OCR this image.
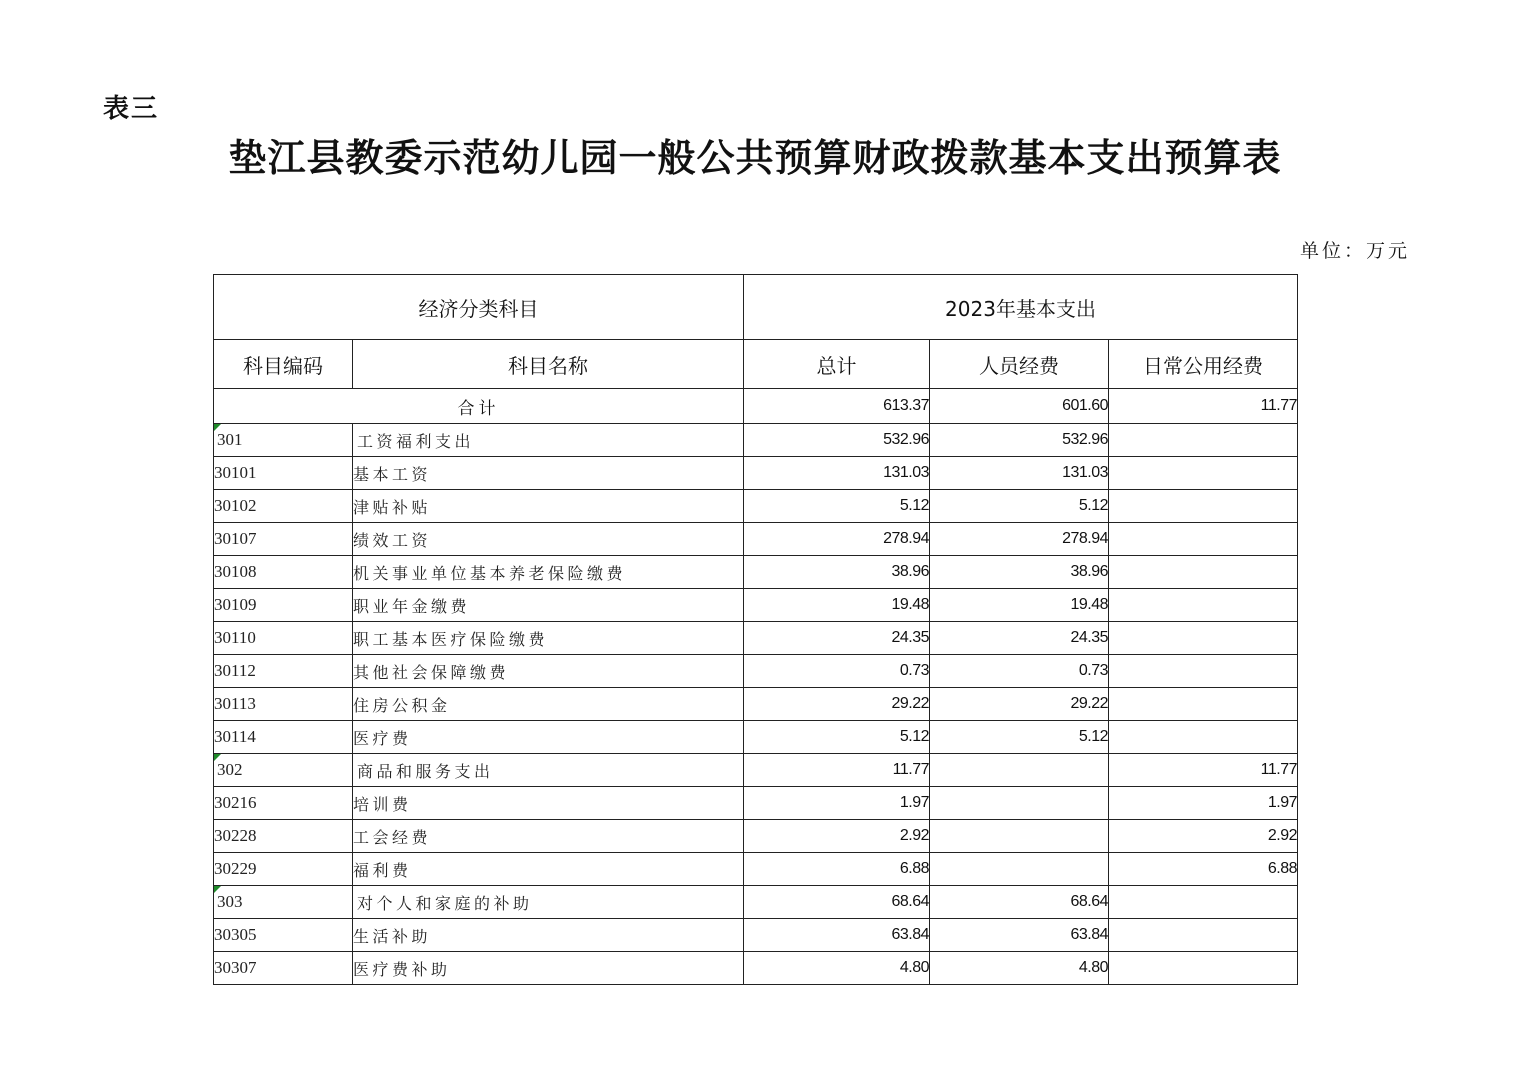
表三
垫江县教委示范幼儿园一般公共预算财政拨款基本支出预算表
单位：万元
经济分类科目		2023年基本支出		
科目编码	科目名称	总计	人员经费	日常公用经费
合计		613.37	601.60	11.77
301	工资福利支出	532.96	532.96	
30101	基本工资	131.03	131.03	
30102	津贴补贴	5.12	5.12	
30107	绩效工资	278.94	278.94	
30108	机关事业单位基本养老保险缴费	38.96	38.96	
30109	职业年金缴费	19.48	19.48	
30110	职工基本医疗保险缴费	24.35	24.35	
30112	其他社会保障缴费	0.73	0.73	
30113	住房公积金	29.22	29.22	
30114	医疗费	5.12	5.12	
302	商品和服务支出	11.77		11.77
30216	培训费	1.97		1.97
30228	工会经费	2.92		2.92
30229	福利费	6.88		6.88
303	对个人和家庭的补助	68.64	68.64	
30305	生活补助	63.84	63.84	
30307	医疗费补助	4.80	4.80	
